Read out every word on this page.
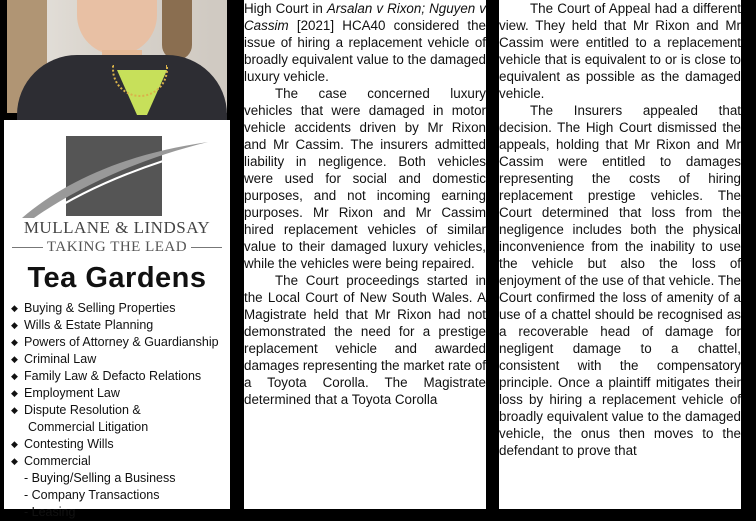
MULLANE & LINDSAY
TAKING THE LEAD
Tea Gardens
◆ Buying & Selling Properties
◆ Wills & Estate Planning
◆ Powers of Attorney & Guardianship
◆ Criminal Law
◆ Family Law & Defacto Relations
◆ Employment Law
◆ Dispute Resolution &
Commercial Litigation
◆ Contesting Wills
◆ Commercial
- Buying/Selling a Business
- Company Transactions
- Leasing

High Court in Arsalan v Rixon; Nguyen v Cassim [2021] HCA40 considered the issue of hiring a replacement vehicle of broadly equivalent value to the damaged luxury vehicle.

The case concerned luxury vehicles that were damaged in motor vehicle accidents driven by Mr Rixon and Mr Cassim. The insurers admitted liability in negligence. Both vehicles were used for social and domestic purposes, and not incoming earning purposes. Mr Rixon and Mr Cassim hired replacement vehicles of similar value to their damaged luxury vehicles, while the vehicles were being repaired.

The Court proceedings started in the Local Court of New South Wales. A Magistrate held that Mr Rixon had not demonstrated the need for a prestige replacement vehicle and awarded damages representing the market rate of a Toyota Corolla. The Magistrate determined that a Toyota Corolla

The Court of Appeal had a different view. They held that Mr Rixon and Mr Cassim were entitled to a replacement vehicle that is equivalent to or is close to equivalent as possible as the damaged vehicle.

The Insurers appealed that decision. The High Court dismissed the appeals, holding that Mr Rixon and Mr Cassim were entitled to damages representing the costs of hiring replacement prestige vehicles. The Court determined that loss from the negligence includes both the physical inconvenience from the inability to use the vehicle but also the loss of enjoyment of the use of that vehicle. The Court confirmed the loss of amenity of a use of a chattel should be recognised as a recoverable head of damage for negligent damage to a chattel, consistent with the compensatory principle. Once a plaintiff mitigates their loss by hiring a replacement vehicle of broadly equivalent value to the damaged vehicle, the onus then moves to the defendant to prove that
